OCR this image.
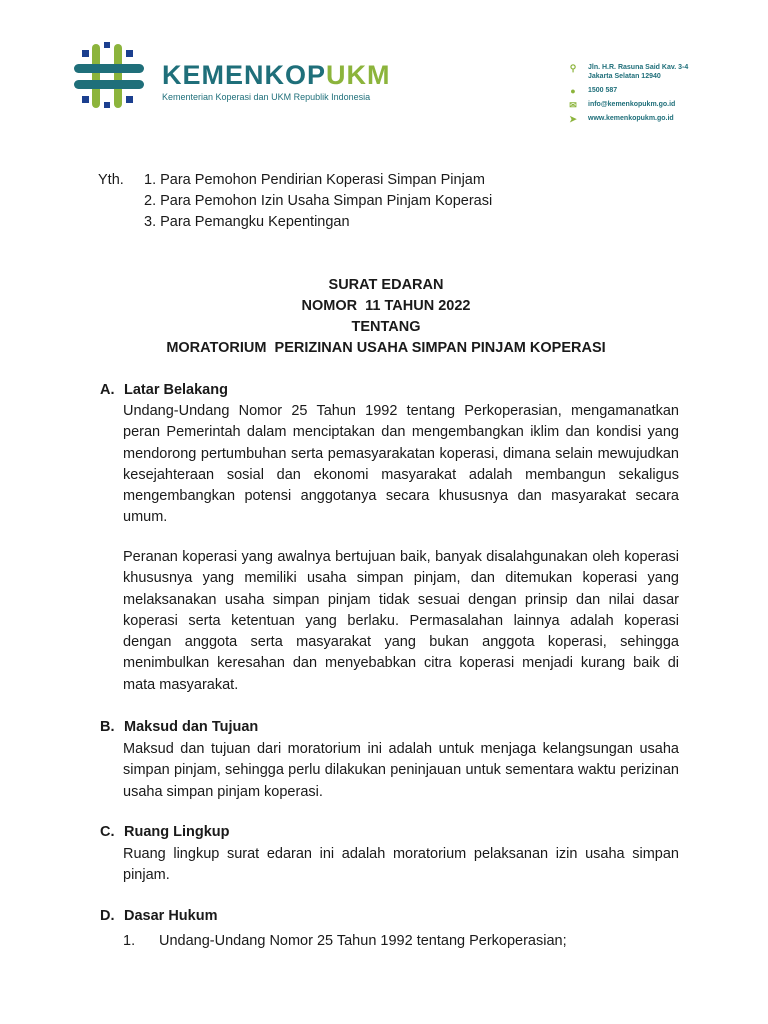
KEMENKOPUKM
Kementerian Koperasi dan UKM Republik Indonesia
⚲ Jln. H.R. Rasuna Said Kav. 3-4
Jakarta Selatan 12940
●	1500 587
✉ info@kemenkopukm.go.id
➤ www.kemenkopukm.go.id
Yth. 1. Para Pemohon Pendirian Koperasi Simpan Pinjam
2. Para Pemohon Izin Usaha Simpan Pinjam Koperasi
3. Para Pemangku Kepentingan
SURAT EDARAN
NOMOR  11 TAHUN 2022
TENTANG
MORATORIUM  PERIZINAN USAHA SIMPAN PINJAM KOPERASI
A. Latar Belakang
Undang-Undang Nomor 25 Tahun 1992 tentang Perkoperasian, mengamanatkan peran Pemerintah dalam menciptakan dan mengembangkan iklim dan kondisi yang mendorong pertumbuhan serta pemasyarakatan koperasi, dimana selain mewujudkan kesejahteraan sosial dan ekonomi masyarakat adalah membangun sekaligus mengembangkan potensi anggotanya secara khususnya dan masyarakat secara umum.
Peranan koperasi yang awalnya bertujuan baik, banyak disalahgunakan oleh koperasi khususnya yang memiliki usaha simpan pinjam, dan ditemukan koperasi yang melaksanakan usaha simpan pinjam tidak sesuai dengan prinsip dan nilai dasar koperasi serta ketentuan yang berlaku. Permasalahan lainnya adalah koperasi dengan anggota serta masyarakat yang bukan anggota koperasi, sehingga menimbulkan keresahan dan menyebabkan citra koperasi menjadi kurang baik di mata masyarakat.
B. Maksud dan Tujuan
Maksud dan tujuan dari moratorium ini adalah untuk menjaga kelangsungan usaha simpan pinjam, sehingga perlu dilakukan peninjauan untuk sementara waktu perizinan usaha simpan pinjam koperasi.
C. Ruang Lingkup
Ruang lingkup surat edaran ini adalah moratorium pelaksanan izin usaha simpan pinjam.
D. Dasar Hukum
1. Undang-Undang Nomor 25 Tahun 1992 tentang Perkoperasian;
